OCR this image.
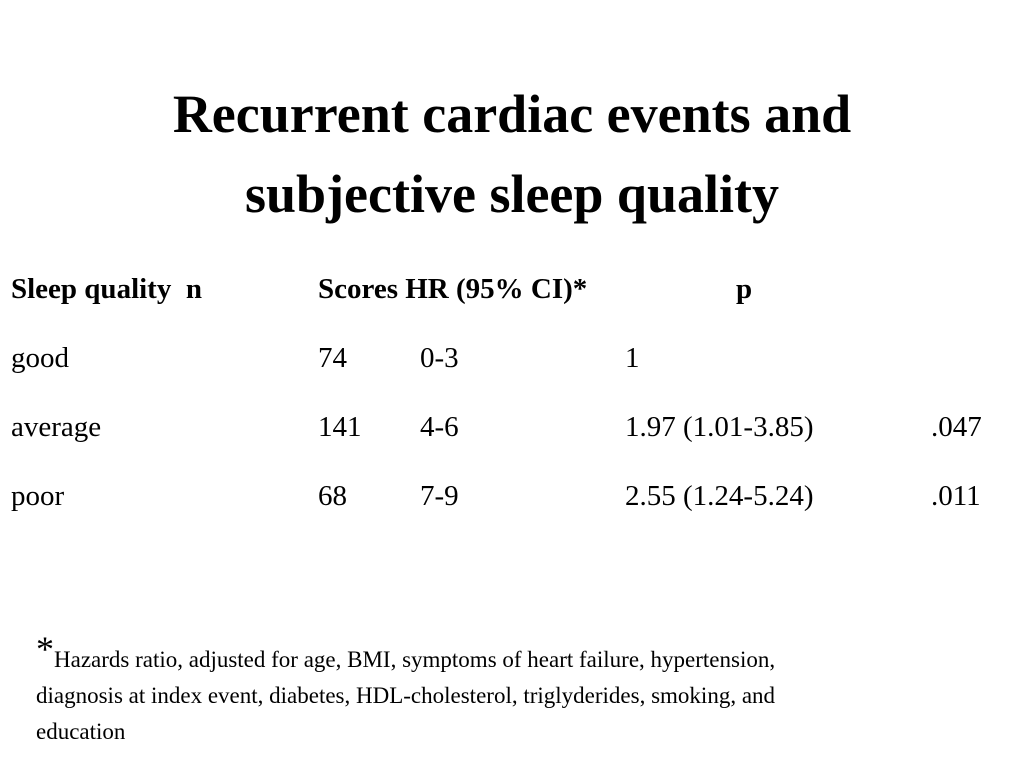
Recurrent cardiac events and
subjective sleep quality
Sleep quality  n	Scores HR (95% CI)*	p
good	74	0-3	1
average	141 4-6	1.97 (1.01-3.85)	.047
poor	68	7-9	2.55 (1.24-5.24)	.011
*Hazards ratio, adjusted for age, BMI, symptoms of heart failure, hypertension,
diagnosis at index event, diabetes, HDL-cholesterol, triglyderides, smoking, and
education
